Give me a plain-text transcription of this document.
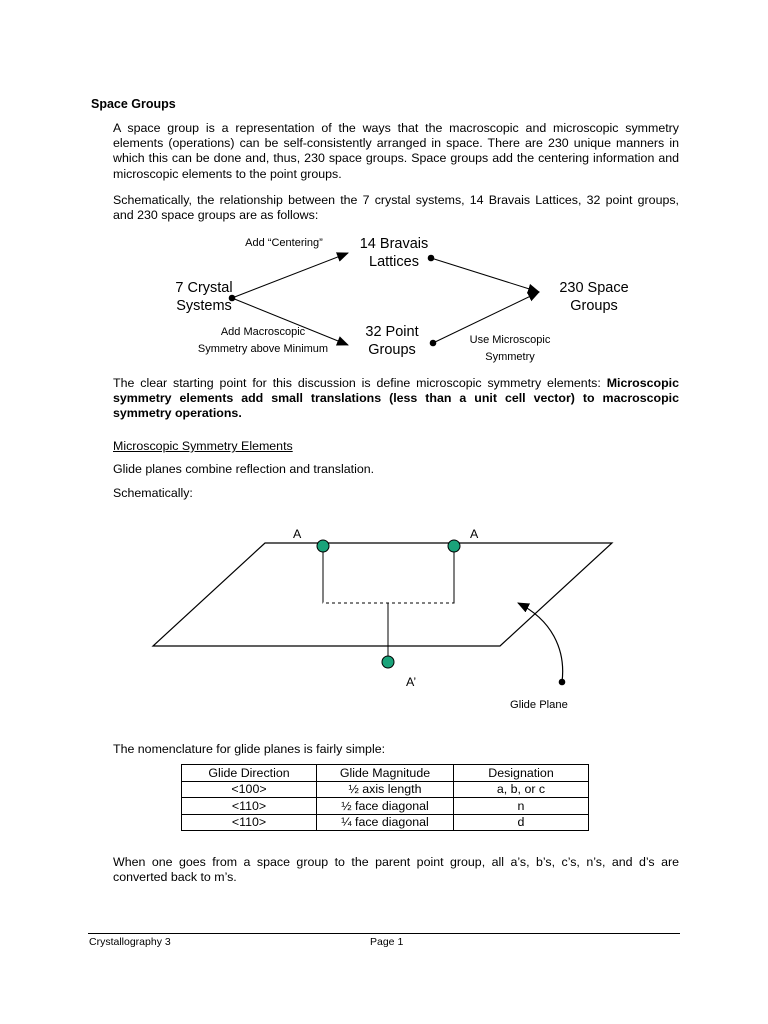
Space Groups
A space group is a representation of the ways that the macroscopic and microscopic symmetry elements (operations) can be self-consistently arranged in space. There are 230 unique manners in which this can be done and, thus, 230 space groups. Space groups add the centering information and microscopic elements to the point groups.
Schematically, the relationship between the 7 crystal systems, 14 Bravais Lattices, 32 point groups, and 230 space groups are as follows:
7 Crystal
Systems
14 Bravais
Lattices
32 Point
Groups
230 Space
Groups
Add “Centering”
Add Macroscopic
Symmetry above Minimum
Use Microscopic
Symmetry
The clear starting point for this discussion is define microscopic symmetry elements: Microscopic symmetry elements add small translations (less than a unit cell vector) to macroscopic symmetry operations.
Microscopic Symmetry Elements
Glide planes combine reflection and translation.
Schematically:
A	A
A’
Glide Plane
The nomenclature for glide planes is fairly simple:
Glide Direction	Glide Magnitude	Designation
<100>	½ axis length	a, b, or c
<110>	½ face diagonal	n
<110>	¼ face diagonal	d
When one goes from a space group to the parent point group, all a’s, b’s, c’s, n’s, and d’s are converted back to m’s.
Crystallography 3	Page 1
